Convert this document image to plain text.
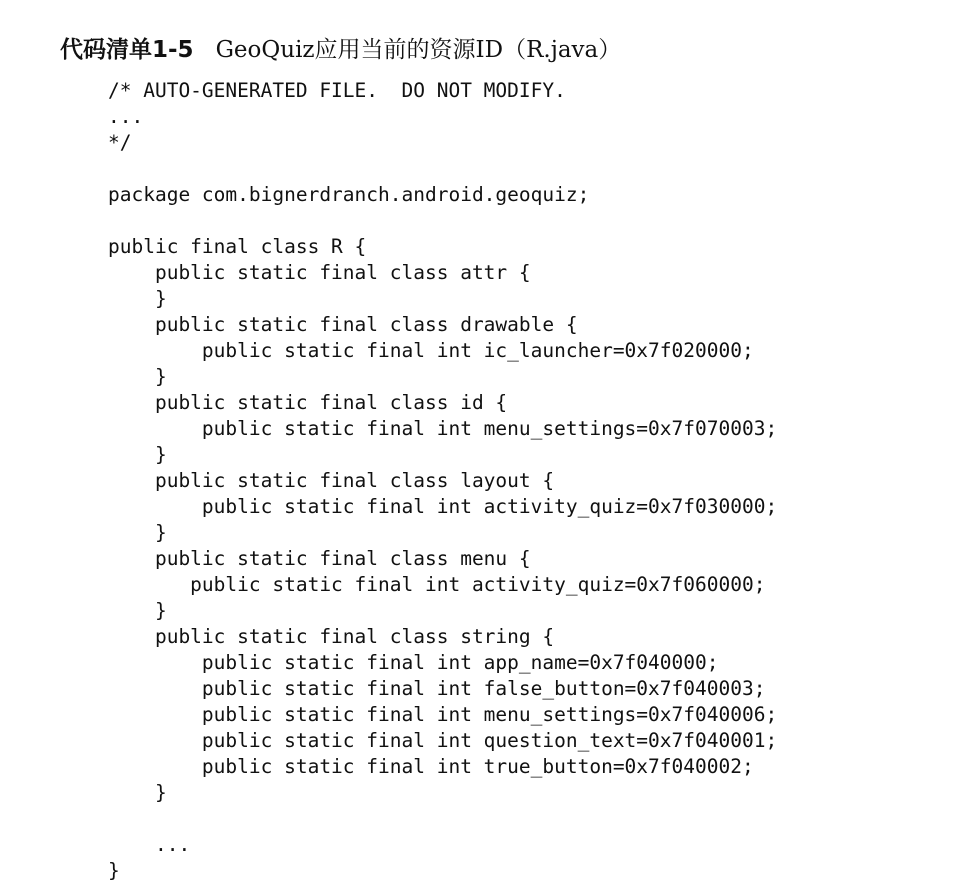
代码清单1-5 GeoQuiz应用当前的资源ID（R.java）
/* AUTO-GENERATED FILE.  DO NOT MODIFY.
...
*/
package com.bignerdranch.android.geoquiz;
public final class R {
public static final class attr {
}
public static final class drawable {
public static final int ic_launcher=0x7f020000;
}
public static final class id {
public static final int menu_settings=0x7f070003;
}
public static final class layout {
public static final int activity_quiz=0x7f030000;
}
public static final class menu {
public static final int activity_quiz=0x7f060000;
}
public static final class string {
public static final int app_name=0x7f040000;
public static final int false_button=0x7f040003;
public static final int menu_settings=0x7f040006;
public static final int question_text=0x7f040001;
public static final int true_button=0x7f040002;
}
...
}
